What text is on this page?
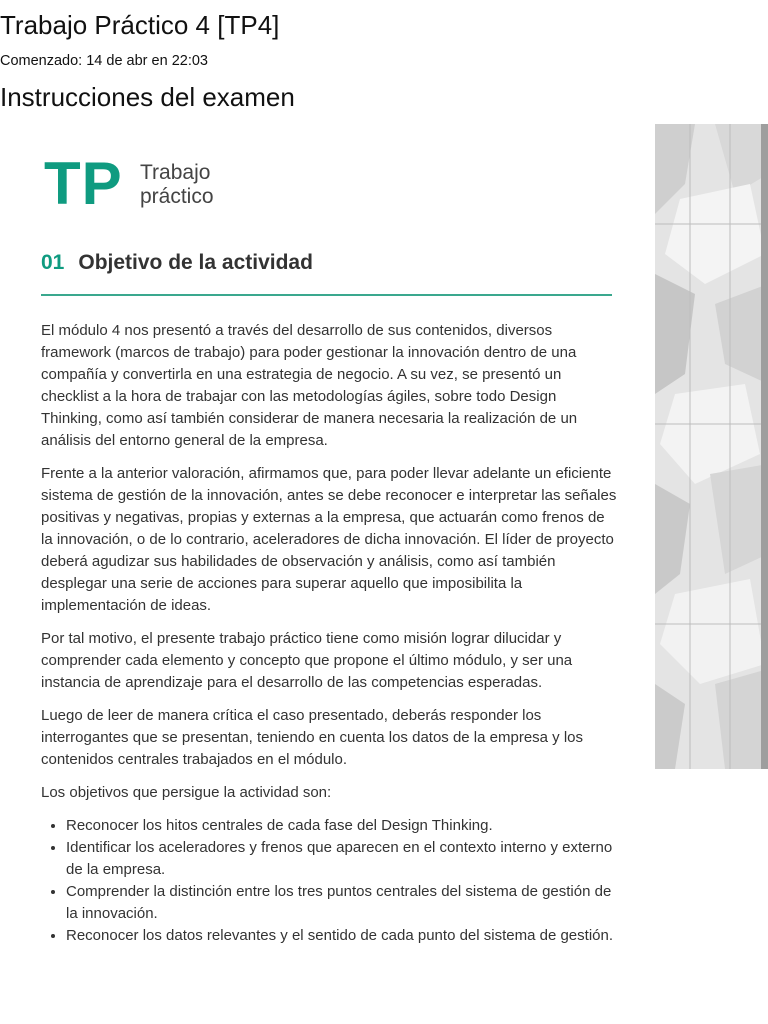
Trabajo Práctico 4 [TP4]
Comenzado: 14 de abr en 22:03
Instrucciones del examen
TP Trabajo
práctico
01 Objetivo de la actividad

El módulo 4 nos presentó a través del desarrollo de sus contenidos, diversos framework (marcos de trabajo) para poder gestionar la innovación dentro de una compañía y convertirla en una estrategia de negocio. A su vez, se presentó un checklist a la hora de trabajar con las metodologías ágiles, sobre todo Design Thinking, como así también considerar de manera necesaria la realización de un análisis del entorno general de la empresa.

Frente a la anterior valoración, afirmamos que, para poder llevar adelante un eficiente sistema de gestión de la innovación, antes se debe reconocer e interpretar las señales positivas y negativas, propias y externas a la empresa, que actuarán como frenos de la innovación, o de lo contrario, aceleradores de dicha innovación. El líder de proyecto deberá agudizar sus habilidades de observación y análisis, como así también desplegar una serie de acciones para superar aquello que imposibilita la implementación de ideas.

Por tal motivo, el presente trabajo práctico tiene como misión lograr dilucidar y comprender cada elemento y concepto que propone el último módulo, y ser una instancia de aprendizaje para el desarrollo de las competencias esperadas.

Luego de leer de manera crítica el caso presentado, deberás responder los interrogantes que se presentan, teniendo en cuenta los datos de la empresa y los contenidos centrales trabajados en el módulo.

Los objetivos que persigue la actividad son:

• Reconocer los hitos centrales de cada fase del Design Thinking.
• Identificar los aceleradores y frenos que aparecen en el contexto interno y externo de la empresa.
• Comprender la distinción entre los tres puntos centrales del sistema de gestión de la innovación.
• Reconocer los datos relevantes y el sentido de cada punto del sistema de gestión.
